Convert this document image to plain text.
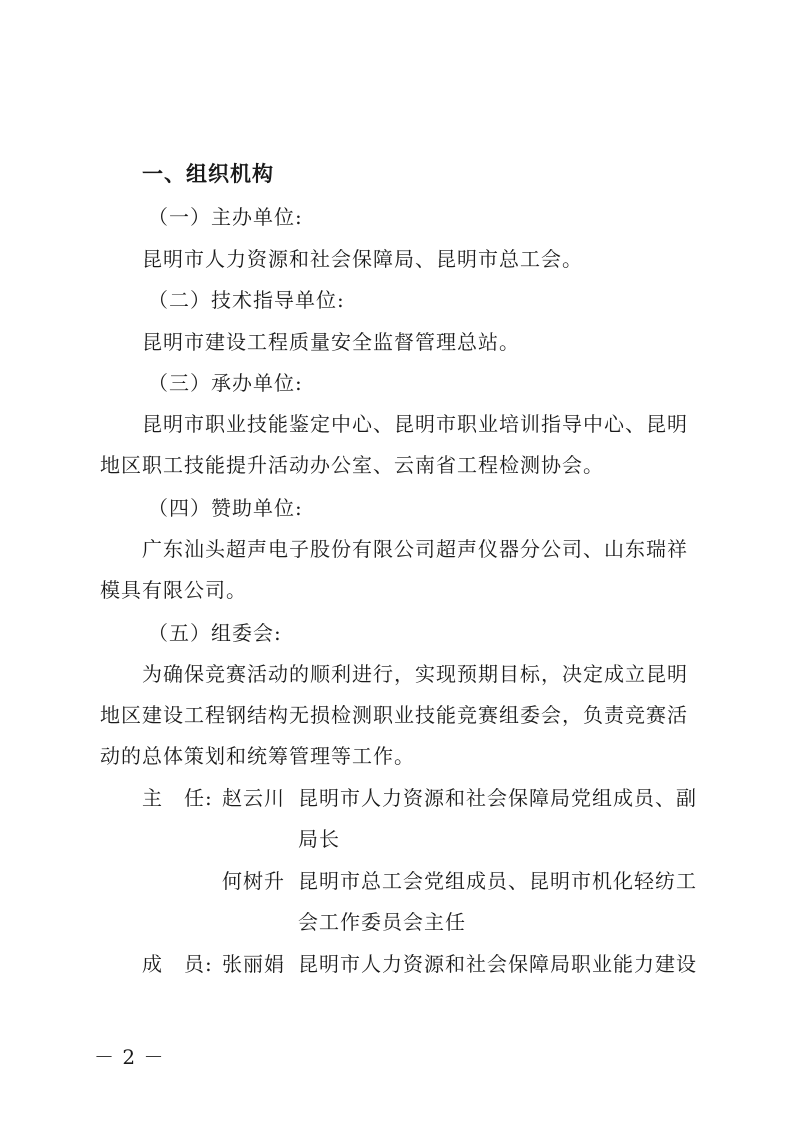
一、组织机构
（一）主办单位:
昆明市人力资源和社会保障局、昆明市总工会。
（二）技术指导单位:
昆明市建设工程质量安全监督管理总站。
（三）承办单位:
昆明市职业技能鉴定中心、昆明市职业培训指导中心、昆明
地区职工技能提升活动办公室、云南省工程检测协会。
（四）赞助单位:
广东汕头超声电子股份有限公司超声仪器分公司、山东瑞祥
模具有限公司。
（五）组委会:
为确保竞赛活动的顺利进行，实现预期目标，决定成立昆明
地区建设工程钢结构无损检测职业技能竞赛组委会，负责竞赛活
动的总体策划和统筹管理等工作。
主　任: 赵云川 昆明市人力资源和社会保障局党组成员、副
局长
何树升 昆明市总工会党组成员、昆明市机化轻纺工
会工作委员会主任
成　员: 张丽娟 昆明市人力资源和社会保障局职业能力建设
－ 2 －
